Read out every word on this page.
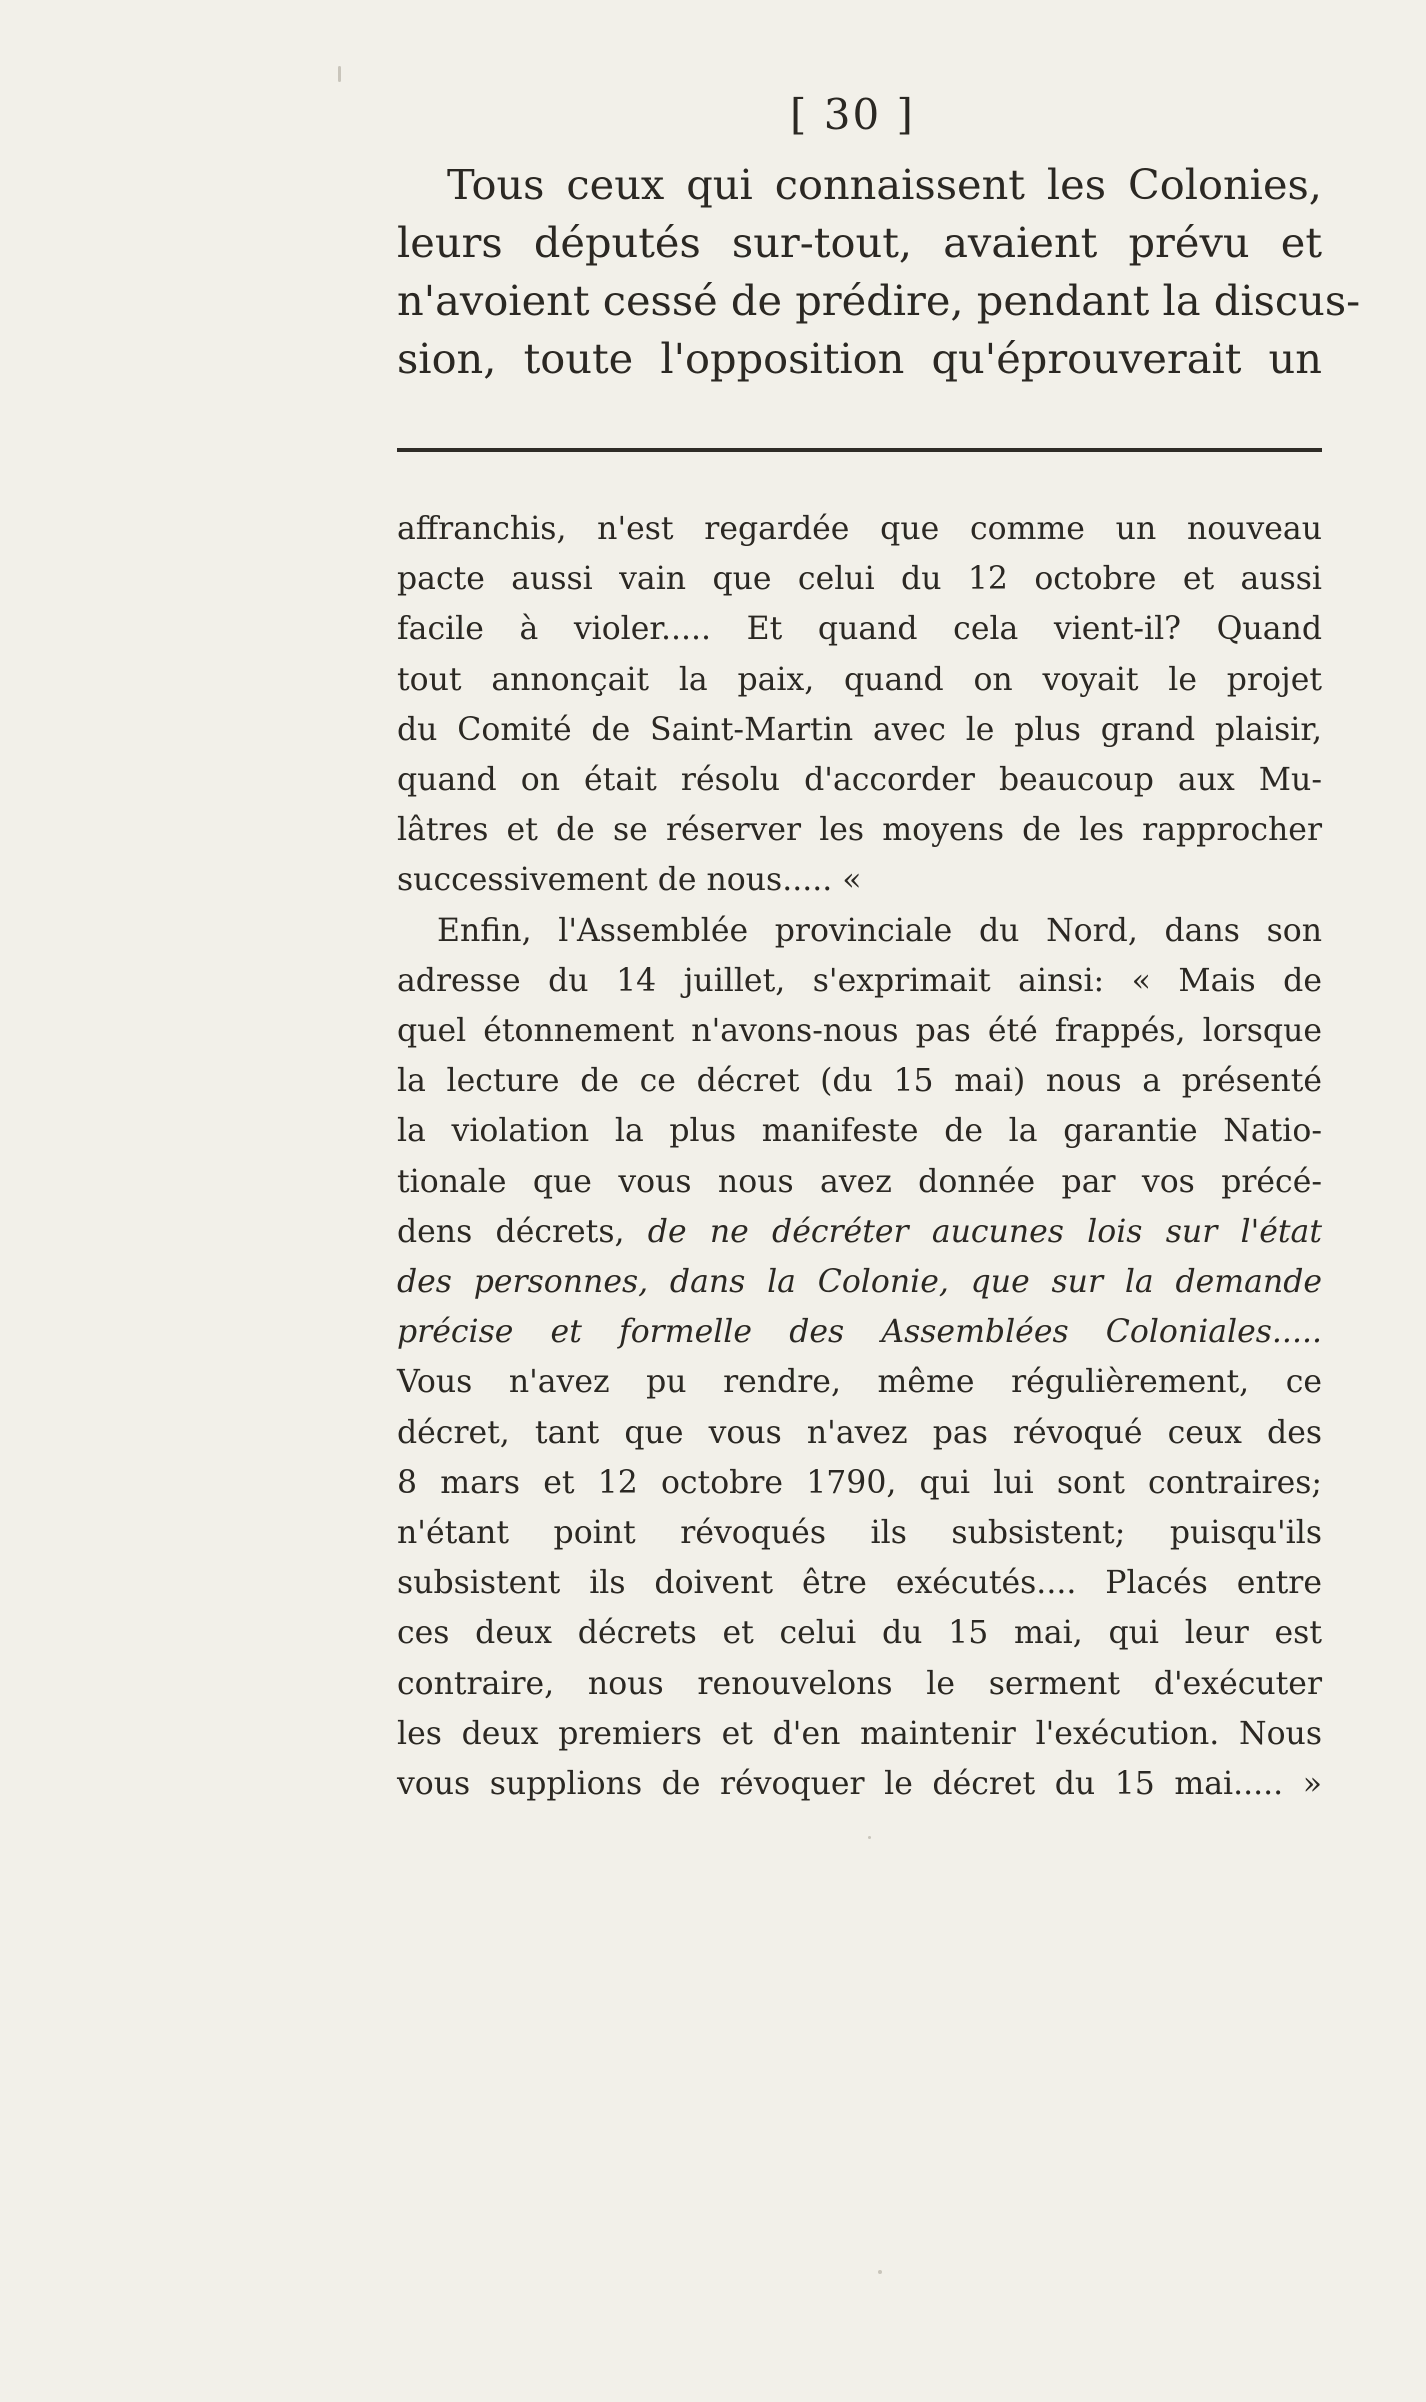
[ 30 ]
Tous ceux qui connaissent les Colonies,
leurs députés sur-tout, avaient prévu et
n'avoient cessé de prédire, pendant la discus-
sion, toute l'opposition qu'éprouverait un
affranchis, n'est regardée que comme un nouveau
pacte aussi vain que celui du 12 octobre et aussi
facile à violer..... Et quand cela vient-il? Quand
tout annonçait la paix, quand on voyait le projet
du Comité de Saint-Martin avec le plus grand plaisir,
quand on était résolu d'accorder beaucoup aux Mu-
lâtres et de se réserver les moyens de les rapprocher
successivement de nous..... «
Enfin, l'Assemblée provinciale du Nord, dans son
adresse du 14 juillet, s'exprimait ainsi: « Mais de
quel étonnement n'avons-nous pas été frappés, lorsque
la lecture de ce décret (du 15 mai) nous a présenté
la violation la plus manifeste de la garantie Natio-
tionale que vous nous avez donnée par vos précé-
dens décrets, de ne décréter aucunes lois sur l'état
des personnes, dans la Colonie, que sur la demande
précise et formelle des Assemblées Coloniales.....
Vous n'avez pu rendre, même régulièrement, ce
décret, tant que vous n'avez pas révoqué ceux des
8 mars et 12 octobre 1790, qui lui sont contraires;
n'étant point révoqués ils subsistent; puisqu'ils
subsistent ils doivent être exécutés.... Placés entre
ces deux décrets et celui du 15 mai, qui leur est
contraire, nous renouvelons le serment d'exécuter
les deux premiers et d'en maintenir l'exécution. Nous
vous supplions de révoquer le décret du 15 mai..... »
